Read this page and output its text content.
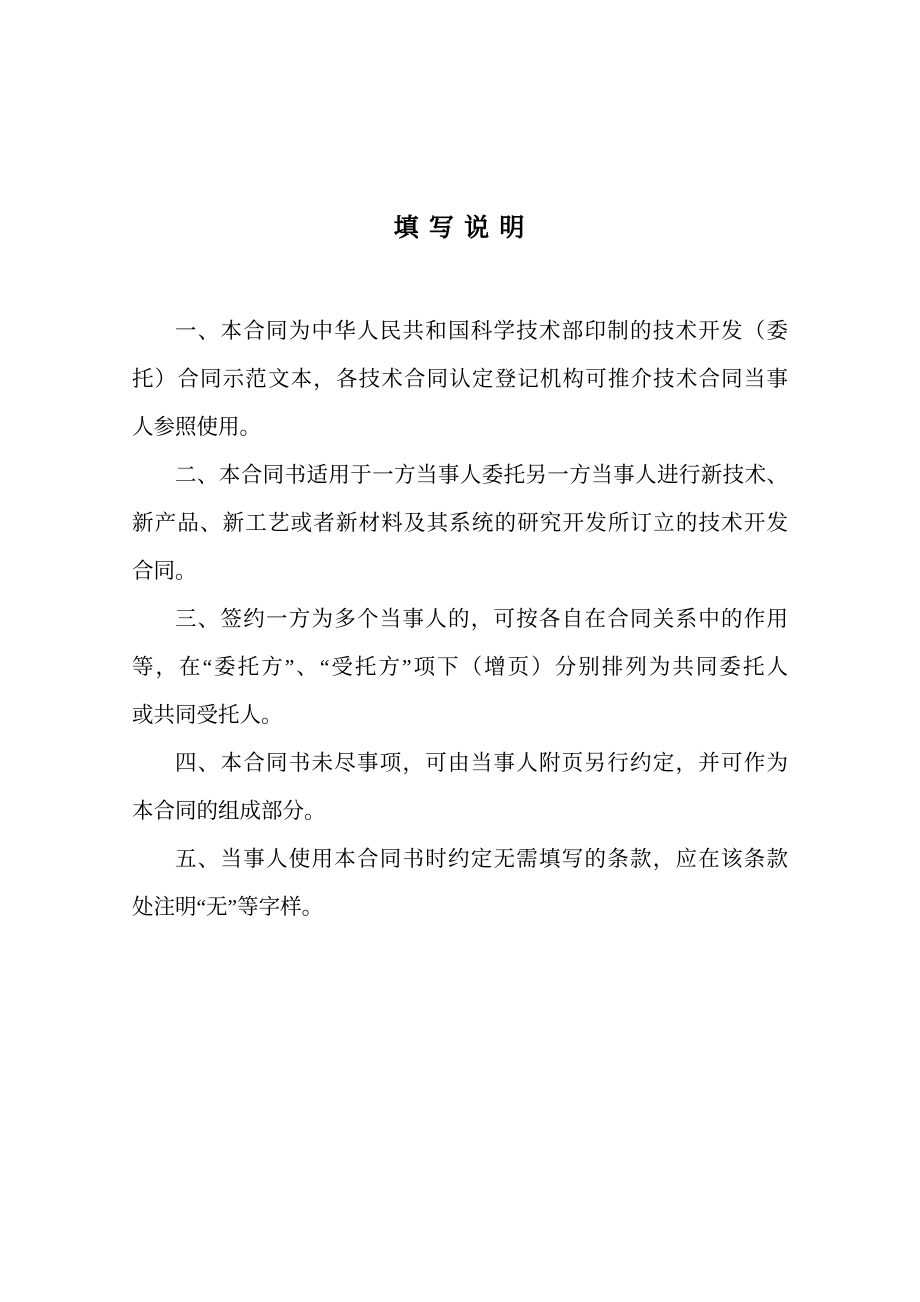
填 写 说 明
一、本合同为中华人民共和国科学技术部印制的技术开发（委
托）合同示范文本，各技术合同认定登记机构可推介技术合同当事
人参照使用。
二、本合同书适用于一方当事人委托另一方当事人进行新技术、
新产品、新工艺或者新材料及其系统的研究开发所订立的技术开发
合同。
三、签约一方为多个当事人的，可按各自在合同关系中的作用
等，在“委托方”、“受托方”项下（增页）分别排列为共同委托人
或共同受托人。
四、本合同书未尽事项，可由当事人附页另行约定，并可作为
本合同的组成部分。
五、当事人使用本合同书时约定无需填写的条款，应在该条款
处注明“无”等字样。
